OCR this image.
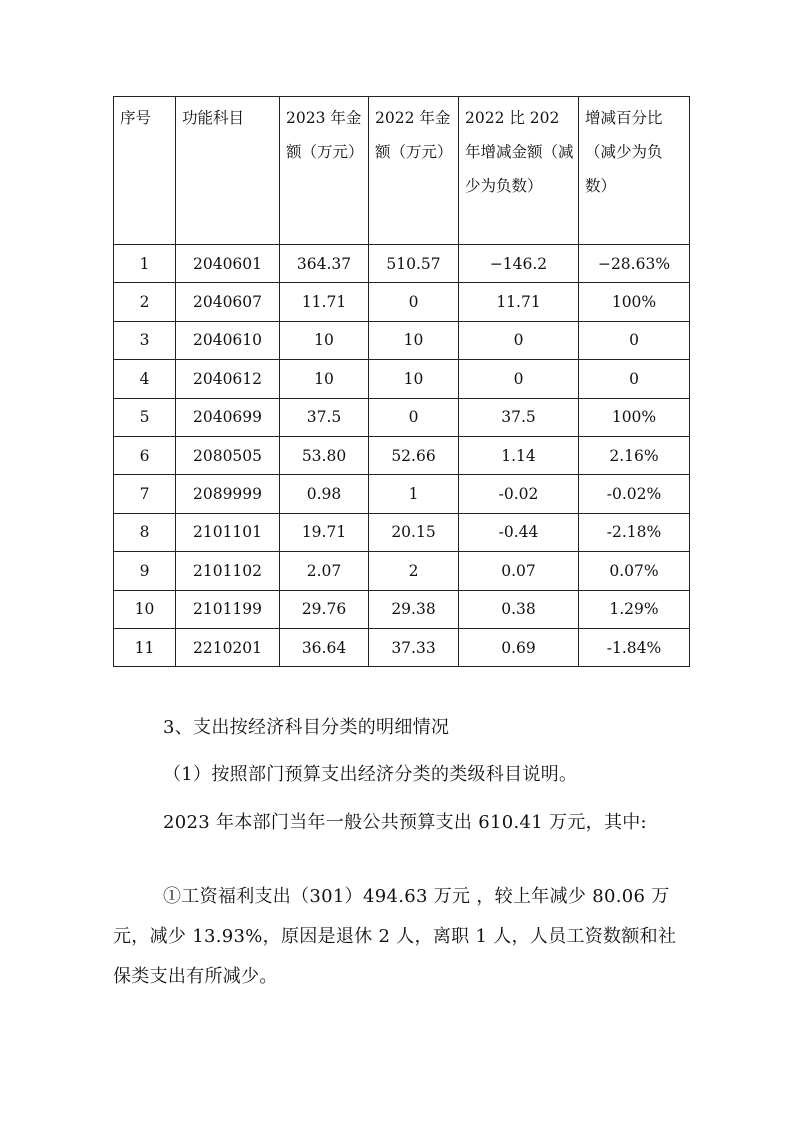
序号	功能科目	2023 年金额（万元）	2022 年金额（万元）	2022 比 202 年增减金额（减少为负数）	增减百分比（减少为负数）
1	2040601	364.37	510.57	−146.2	−28.63%
2	2040607	11.71	0	11.71	100%
3	2040610	10	10	0	0
4	2040612	10	10	0	0
5	2040699	37.5	0	37.5	100%
6	2080505	53.80	52.66	1.14	2.16%
7	2089999	0.98	1	-0.02	-0.02%
8	2101101	19.71	20.15	-0.44	-2.18%
9	2101102	2.07	2	0.07	0.07%
10	2101199	29.76	29.38	0.38	1.29%
11	2210201	36.64	37.33	0.69	-1.84%

3、支出按经济科目分类的明细情况

（1）按照部门预算支出经济分类的类级科目说明。

2023 年本部门当年一般公共预算支出 610.41 万元，其中:

①工资福利支出（301）494.63 万元 ，较上年减少 80.06 万元，减少 13.93%，原因是退休 2 人，离职 1 人，人员工资数额和社保类支出有所减少。
